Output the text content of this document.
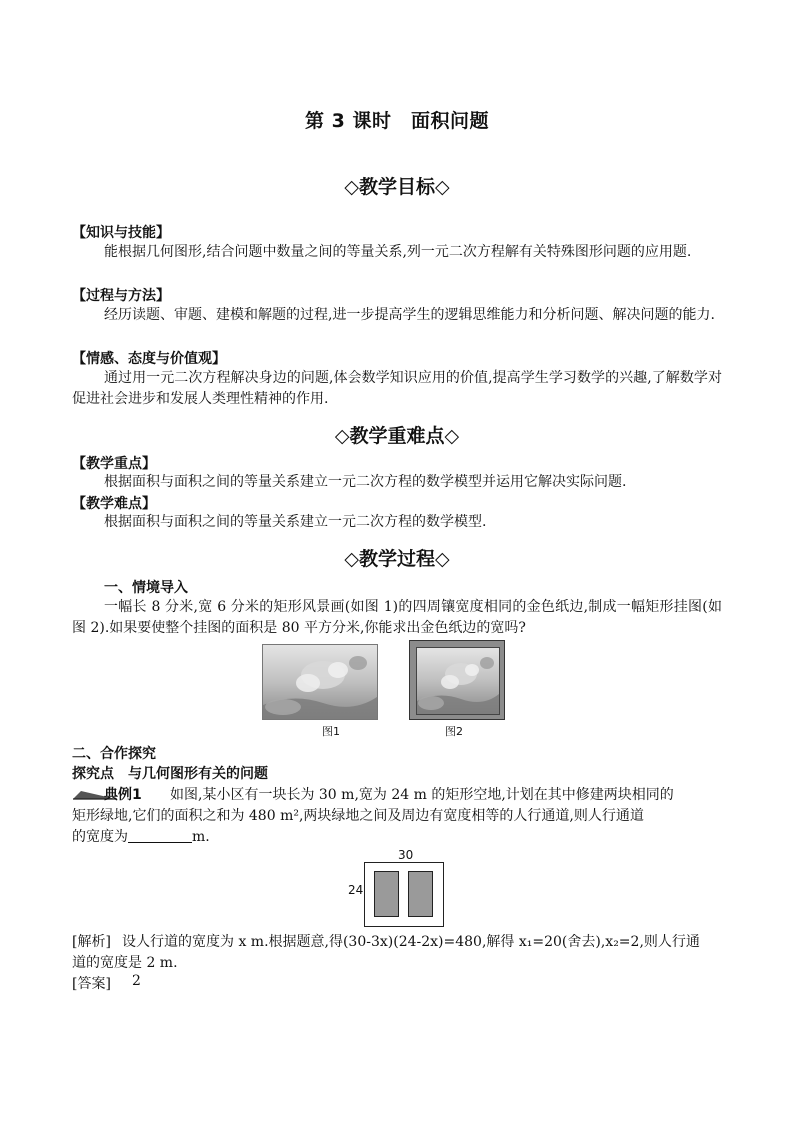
第 3 课时　面积问题
◇教学目标◇
【知识与技能】
能根据几何图形,结合问题中数量之间的等量关系,列一元二次方程解有关特殊图形问题的应用题.
【过程与方法】
经历读题、审题、建模和解题的过程,进一步提高学生的逻辑思维能力和分析问题、解决问题的能力.
【情感、态度与价值观】
通过用一元二次方程解决身边的问题,体会数学知识应用的价值,提高学生学习数学的兴趣,了解数学对促进社会进步和发展人类理性精神的作用.
◇教学重难点◇
【教学重点】
根据面积与面积之间的等量关系建立一元二次方程的数学模型并运用它解决实际问题.
【教学难点】
根据面积与面积之间的等量关系建立一元二次方程的数学模型.
◇教学过程◇
一、情境导入
一幅长 8 分米,宽 6 分米的矩形风景画(如图 1)的四周镶宽度相同的金色纸边,制成一幅矩形挂图(如图 2).如果要使整个挂图的面积是 80 平方分米,你能求出金色纸边的宽吗?
图1	图2
二、合作探究
探究点　与几何图形有关的问题
典例1 如图,某小区有一块长为 30 m,宽为 24 m 的矩形空地,计划在其中修建两块相同的
矩形绿地,它们的面积之和为 480 m²,两块绿地之间及周边有宽度相等的人行通道,则人行通道
的宽度为	m.
30
24
[解析] 设人行道的宽度为 x m.根据题意,得(30-3x)(24-2x)=480,解得 x₁=20(舍去),x₂=2,则人行通
道的宽度是 2 m.
[答案] 2
